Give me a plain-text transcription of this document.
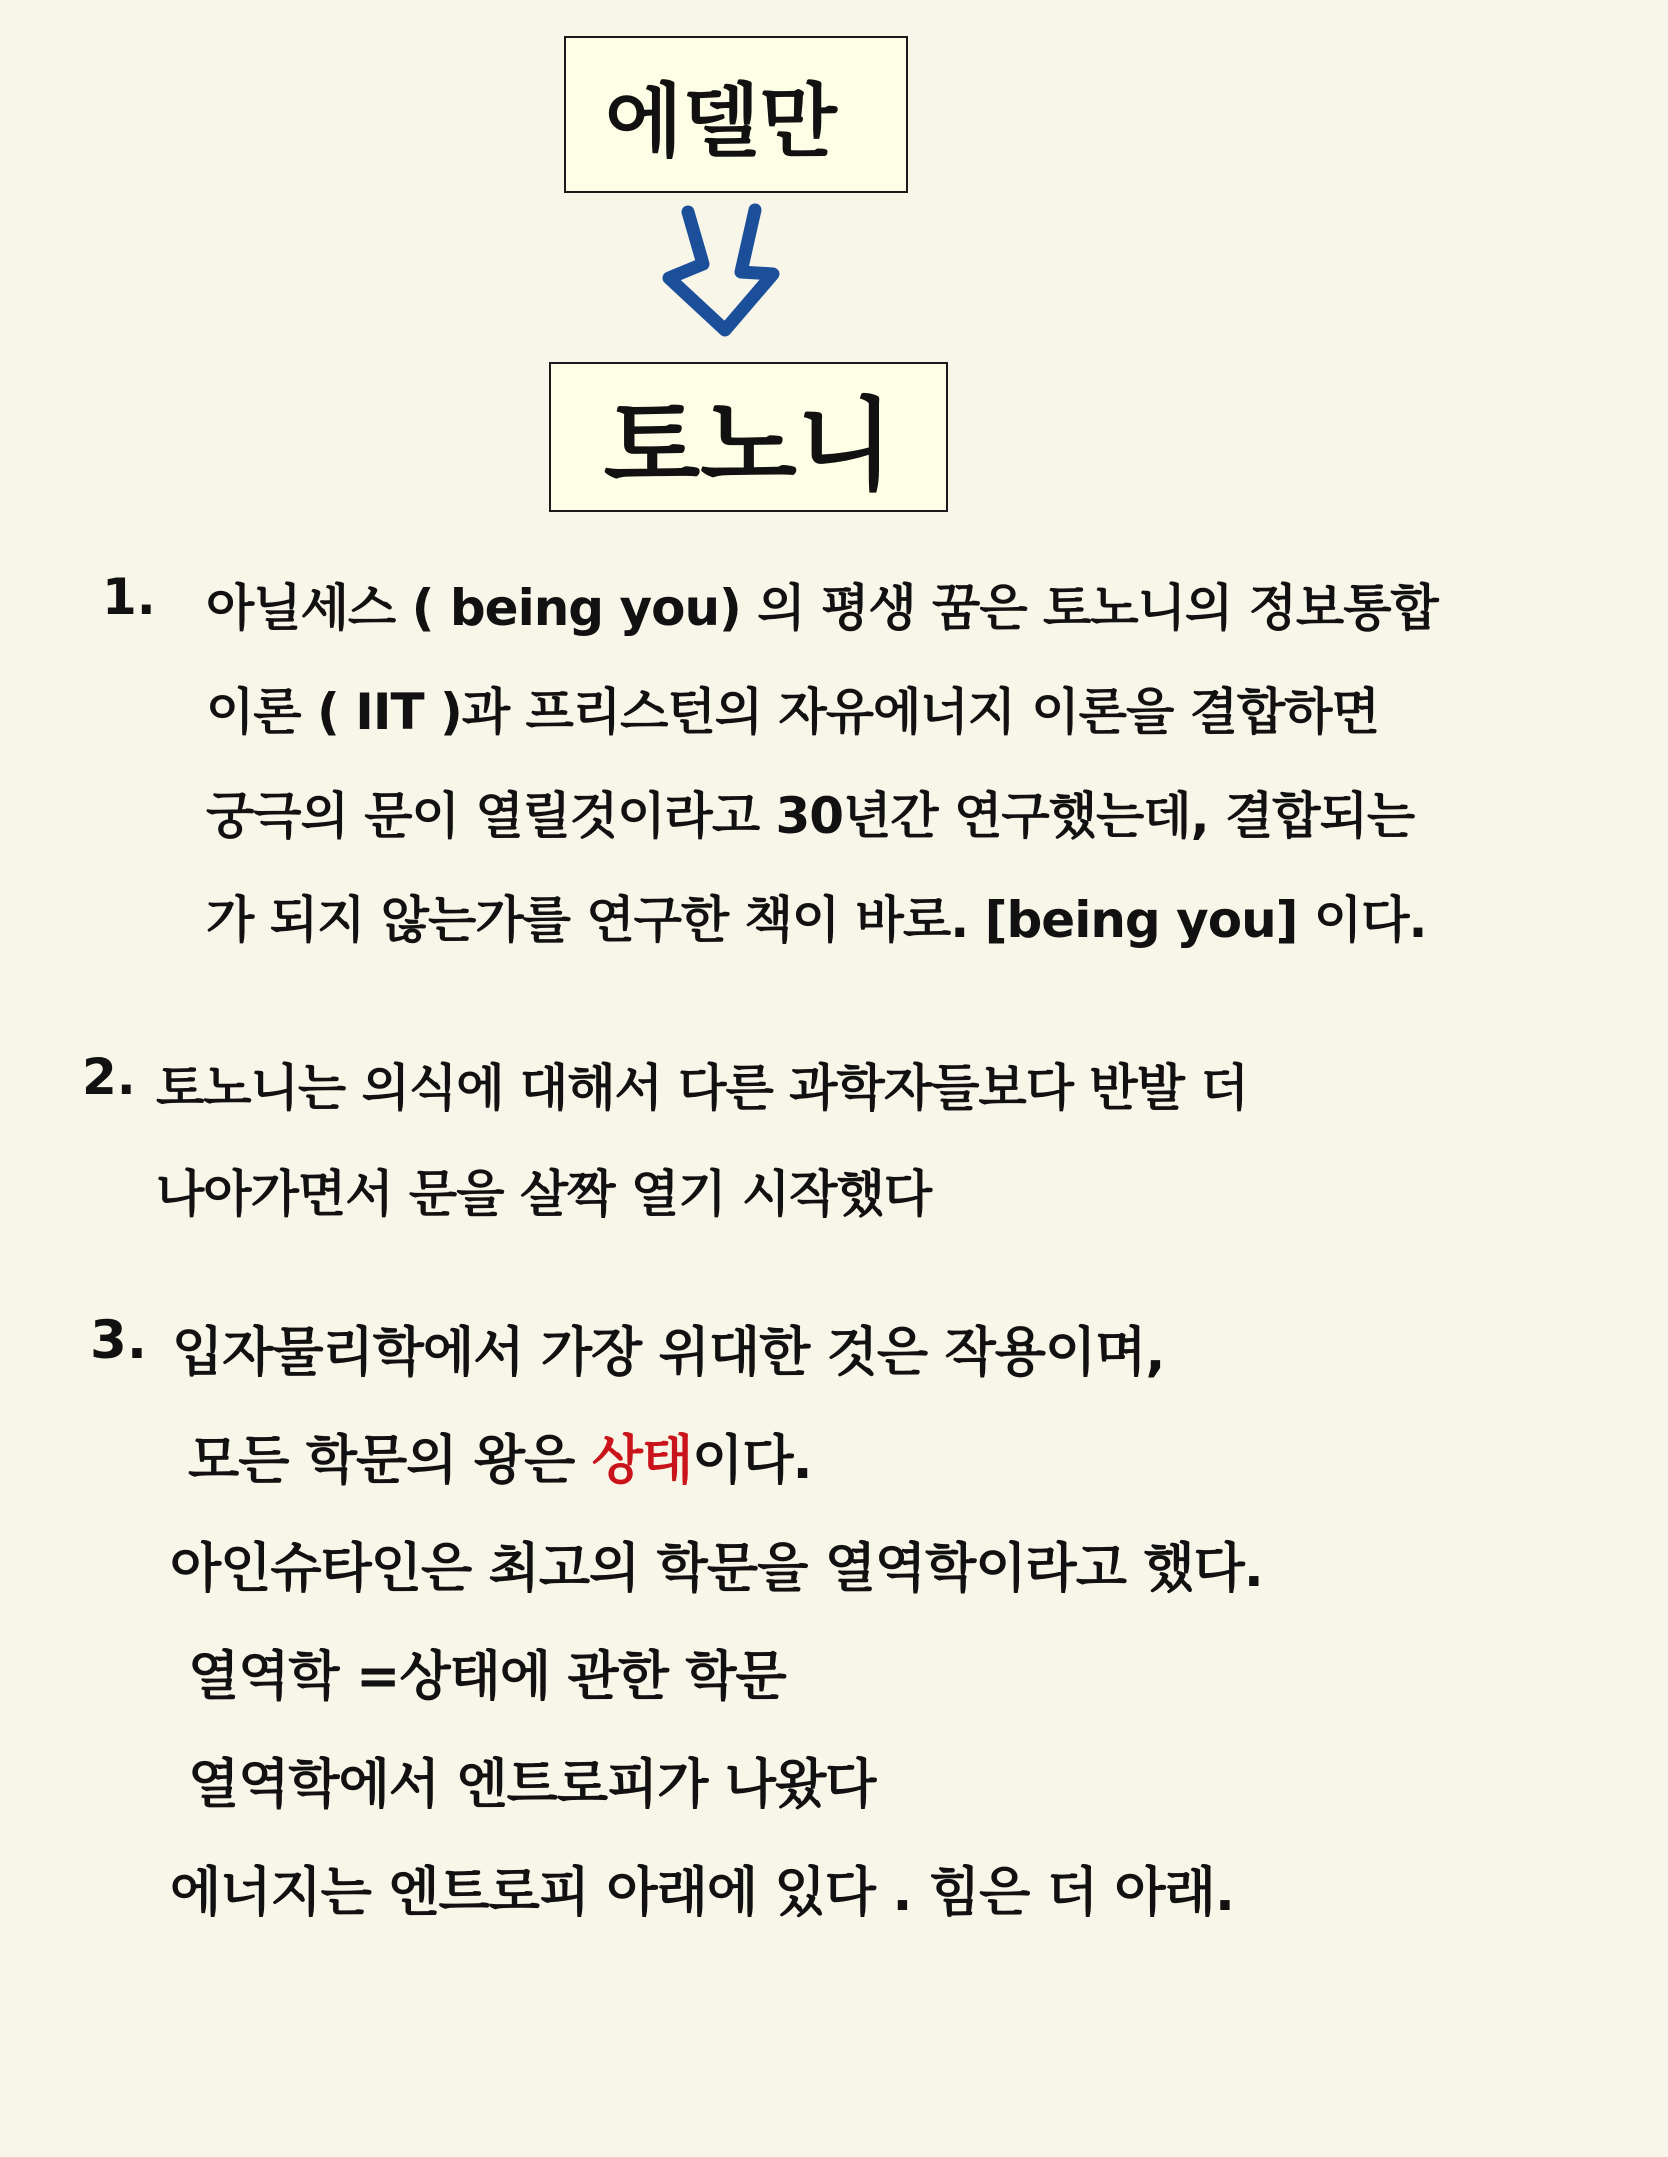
에델만
토노니
1. 아닐세스 ( being you) 의 평생 꿈은 토노니의 정보통합
이론 ( IIT )과 프리스턴의 자유에너지 이론을 결합하면
궁극의 문이 열릴것이라고 30년간 연구했는데, 결합되는
가 되지 않는가를 연구한 책이 바로. [being you] 이다.
2. 토노니는 의식에 대해서 다른 과학자들보다 반발 더
나아가면서 문을 살짝 열기 시작했다
3. 입자물리학에서 가장 위대한 것은 작용이며,
모든 학문의 왕은 상태이다.
아인슈타인은 최고의 학문을 열역학이라고 했다.
열역학 =상태에 관한 학문
열역학에서 엔트로피가 나왔다
에너지는 엔트로피 아래에 있다 . 힘은 더 아래.
